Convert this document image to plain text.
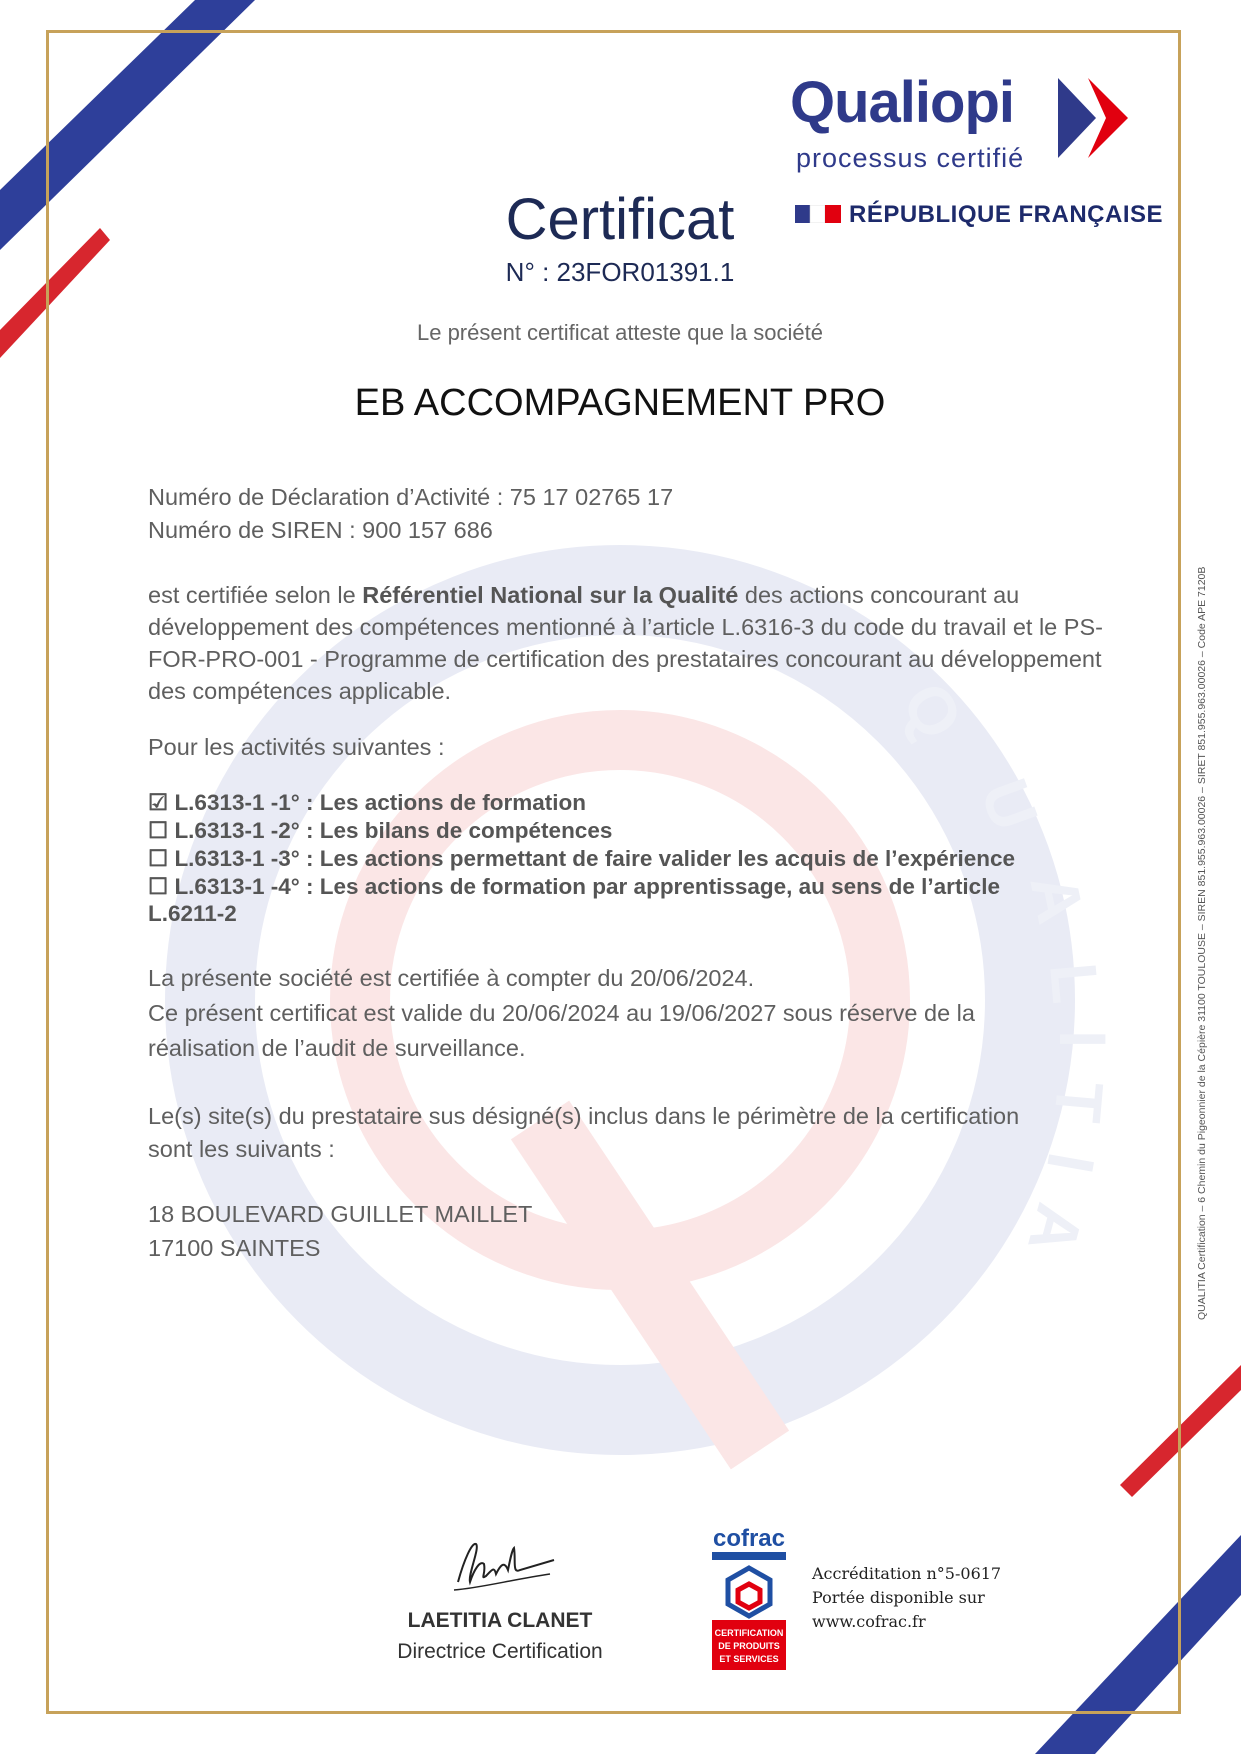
Q
U
A
L
I
T
I
A
Qualiopi
processus certifié
RÉPUBLIQUE FRANÇAISE
Certificat
N° : 23FOR01391.1
Le présent certificat atteste que la société
EB ACCOMPAGNEMENT PRO
Numéro de Déclaration d’Activité : 75 17 02765 17
Numéro de SIREN : 900 157 686
est certifiée selon le Référentiel National sur la Qualité des actions concourant au développement des compétences mentionné à l’article L.6316-3 du code du travail et le PS-FOR-PRO-001 - Programme de certification des prestataires concourant au développement des compétences applicable.
Pour les activités suivantes :
☑ L.6313-1 -1° : Les actions de formation
☐ L.6313-1 -2° : Les bilans de compétences
☐ L.6313-1 -3° : Les actions permettant de faire valider les acquis de l’expérience
☐ L.6313-1 -4° : Les actions de formation par apprentissage, au sens de l’article
L.6211-2
La présente société est certifiée à compter du 20/06/2024.
Ce présent certificat est valide du 20/06/2024 au 19/06/2027 sous réserve de la
réalisation de l’audit de surveillance.
Le(s) site(s) du prestataire sus désigné(s) inclus dans le périmètre de la certification
sont les suivants :
18 BOULEVARD GUILLET MAILLET
17100 SAINTES
LAETITIA CLANET
Directrice Certification
cofrac
CERTIFICATION
DE PRODUITS
ET SERVICES
Accréditation n°5-0617
Portée disponible sur
www.cofrac.fr
QUALITIA Certification – 6 Chemin du Pigeonnier de la Cépière 31100 TOULOUSE – SIREN 851.955.963.00026 – SIRET 851.955.963.00026 – Code APE 7120B
